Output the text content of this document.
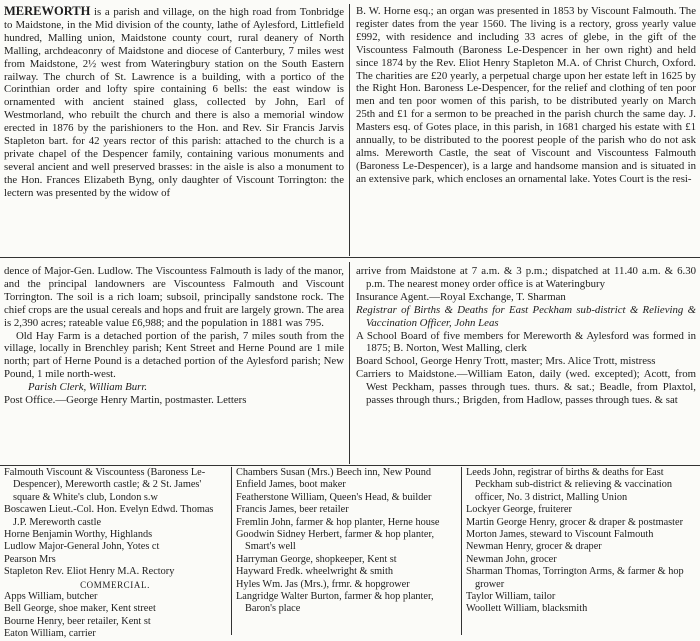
MEREWORTH is a parish and village, on the high road from Tonbridge to Maidstone, in the Mid division of the county, lathe of Aylesford, Littlefield hundred, Malling union, Maidstone county court, rural deanery of North Malling, archdeaconry of Maidstone and diocese of Canterbury, 7 miles west from Maidstone, 2½ west from Wateringbury station on the South Eastern railway. The church of St. Lawrence is a building, with a portico of the Corinthian order and lofty spire containing 6 bells: the east window is ornamented with ancient stained glass, collected by John, Earl of Westmorland, who rebuilt the church and there is also a memorial window erected in 1876 by the parishioners to the Hon. and Rev. Sir Francis Jarvis Stapleton bart. for 42 years rector of this parish: attached to the church is a private chapel of the Despencer family, containing various monuments and several ancient and well preserved brasses: in the aisle is also a monument to the Hon. Frances Elizabeth Byng, only daughter of Viscount Torrington: the lectern was presented by the widow of

B. W. Horne esq.; an organ was presented in 1853 by Viscount Falmouth. The register dates from the year 1560. The living is a rectory, gross yearly value £992, with residence and including 33 acres of glebe, in the gift of the Viscountess Falmouth (Baroness Le-Despencer in her own right) and held since 1874 by the Rev. Eliot Henry Stapleton M.A. of Christ Church, Oxford. The charities are £20 yearly, a perpetual charge upon her estate left in 1625 by the Right Hon. Baroness Le-Despencer, for the relief and clothing of ten poor men and ten poor women of this parish, to be distributed yearly on March 25th and £1 for a sermon to be preached in the parish church the same day. J. Masters esq. of Gotes place, in this parish, in 1681 charged his estate with £1 annually, to be distributed to the poorest people of the parish who do not ask alms. Mereworth Castle, the seat of Viscount and Viscountess Falmouth (Baroness Le-Despencer), is a large and handsome mansion and is situated in an extensive park, which encloses an ornamental lake. Yotes Court is the resi-

dence of Major-Gen. Ludlow. The Viscountess Falmouth is lady of the manor, and the principal landowners are Viscountess Falmouth and Viscount Torrington. The soil is a rich loam; subsoil, principally sandstone rock. The chief crops are the usual cereals and hops and fruit are largely grown. The area is 2,390 acres; rateable value £6,988; and the population in 1881 was 795.

Old Hay Farm is a detached portion of the parish, 7 miles south from the village, locally in Brenchley parish; Kent Street and Herne Pound are 1 mile north; part of Herne Pound is a detached portion of the Aylesford parish; New Pound, 1 mile north-west.

Parish Clerk, William Burr.

Post Office.—George Henry Martin, postmaster. Letters

arrive from Maidstone at 7 a.m. & 3 p.m.; dispatched at 11.40 a.m. & 6.30 p.m. The nearest money order office is at Wateringbury

Insurance Agent.—Royal Exchange, T. Sharman

Registrar of Births & Deaths for East Peckham sub-district & Relieving & Vaccination Officer, John Leas

A School Board of five members for Mereworth & Aylesford was formed in 1875; B. Norton, West Malling, clerk

Board School, George Henry Trott, master; Mrs. Alice Trott, mistress

Carriers to Maidstone.—William Eaton, daily (wed. excepted); Acott, from West Peckham, passes through tues. thurs. & sat.; Beadle, from Plaxtol, passes through thurs.; Brigden, from Hadlow, passes through tues. & sat

Falmouth Viscount & Viscountess (Baroness Le-Despencer), Mereworth castle; & 2 St. James' square & White's club, London s.w
Boscawen Lieut.-Col. Hon. Evelyn Edwd. Thomas J.P. Mereworth castle
Horne Benjamin Worthy, Highlands
Ludlow Major-General John, Yotes ct
Pearson Mrs
Stapleton Rev. Eliot Henry M.A. Rectory
COMMERCIAL.
Apps William, butcher
Bell George, shoe maker, Kent street
Bourne Henry, beer retailer, Kent st
Eaton William, carrier
Chambers Susan (Mrs.) Beech inn, New Pound
Enfield James, boot maker
Featherstone William, Queen's Head, & builder
Francis James, beer retailer
Fremlin John, farmer & hop planter, Herne house
Goodwin Sidney Herbert, farmer & hop planter, Smart's well
Harryman George, shopkeeper, Kent st
Hayward Fredk. wheelwright & smith
Hyles Wm. Jas (Mrs.), frmr. & hopgrower
Langridge Walter Burton, farmer & hop planter, Baron's place
Leeds John, registrar of births & deaths for East Peckham sub-district & relieving & vaccination officer, No. 3 district, Malling Union
Lockyer George, fruiterer
Martin George Henry, grocer & draper & postmaster
Morton James, steward to Viscount Falmouth
Newman Henry, grocer & draper
Newman John, grocer
Sharman Thomas, Torrington Arms, & farmer & hop grower
Taylor William, tailor
Woollett William, blacksmith
